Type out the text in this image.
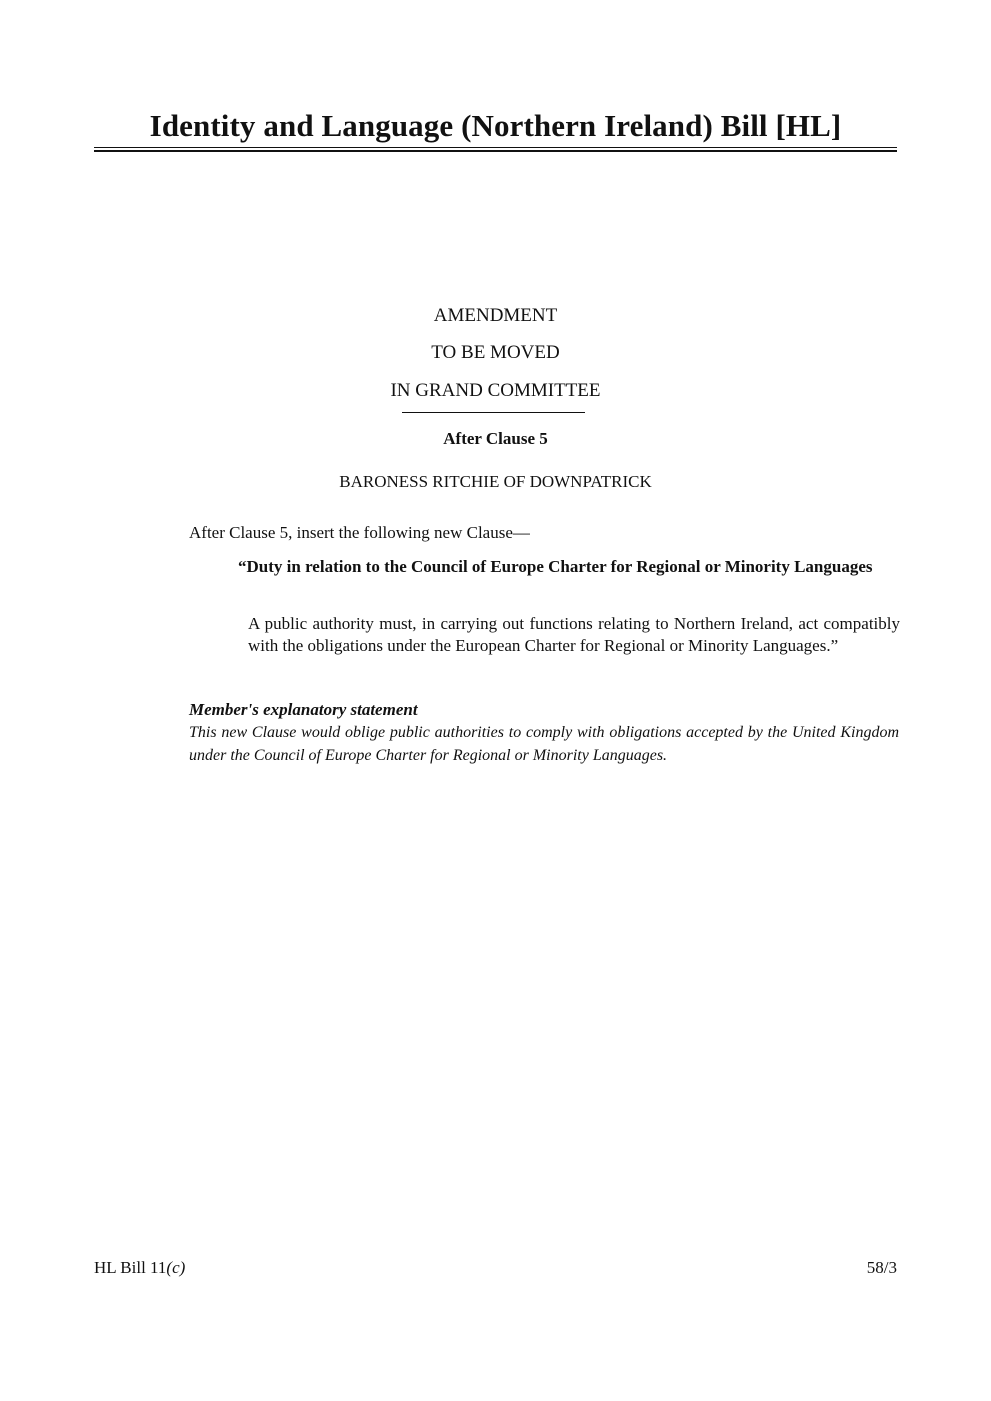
Identity and Language (Northern Ireland) Bill [HL]
AMENDMENT
TO BE MOVED
IN GRAND COMMITTEE
After Clause 5
BARONESS RITCHIE OF DOWNPATRICK
After Clause 5, insert the following new Clause—
“Duty in relation to the Council of Europe Charter for Regional or Minority Languages
A public authority must, in carrying out functions relating to Northern Ireland, act compatibly with the obligations under the European Charter for Regional or Minority Languages.”
Member's explanatory statement
This new Clause would oblige public authorities to comply with obligations accepted by the United Kingdom under the Council of Europe Charter for Regional or Minority Languages.
HL Bill 11(c)	58/3
